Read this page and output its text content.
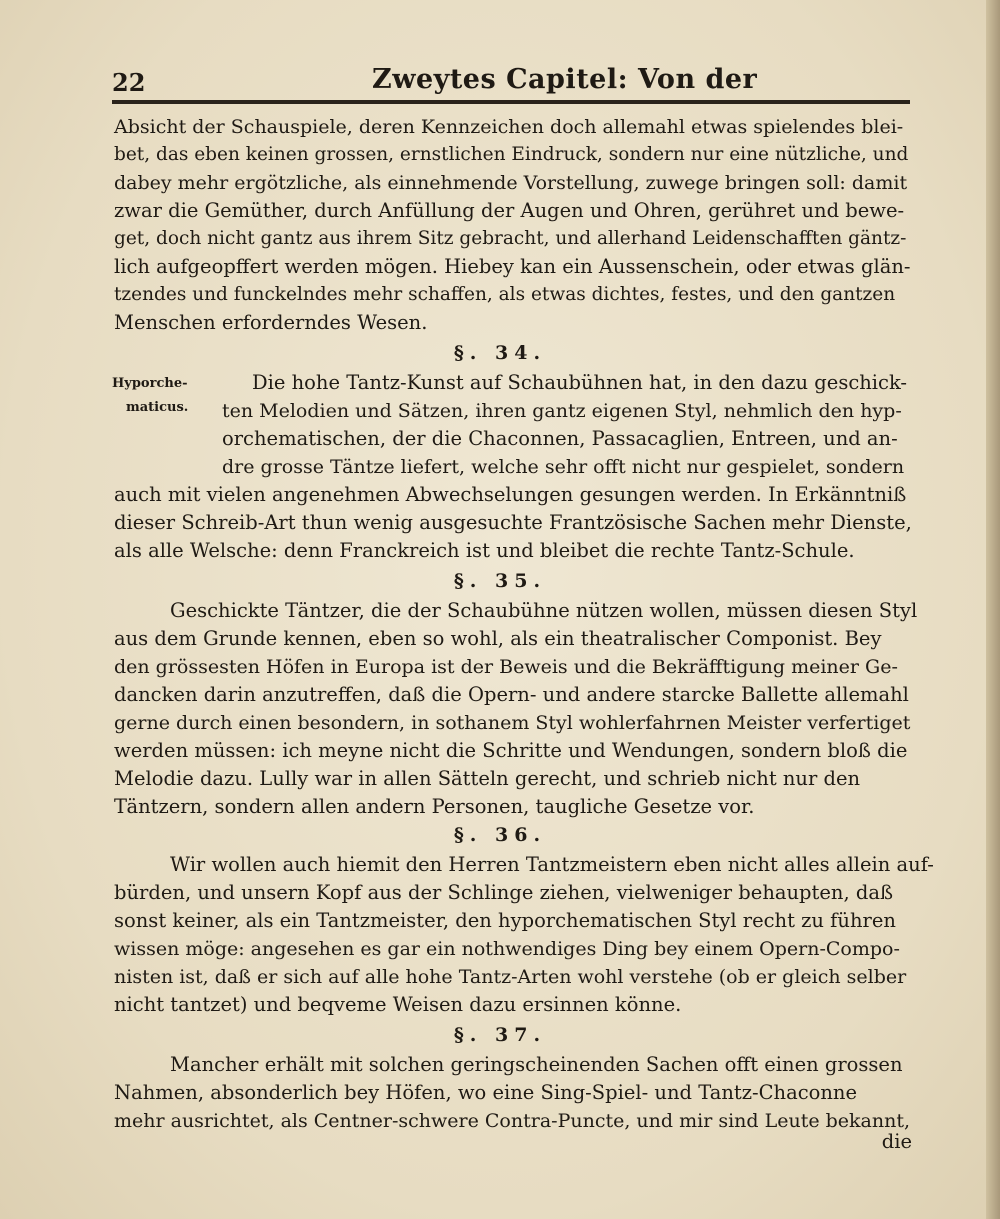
22	Zweytes Capitel: Von der
Absicht der Schauspiele, deren Kennzeichen doch allemahl etwas spielendes blei-
bet, das eben keinen grossen, ernstlichen Eindruck, sondern nur eine nützliche, und
dabey mehr ergötzliche, als einnehmende Vorstellung, zuwege bringen soll: damit
zwar die Gemüther, durch Anfüllung der Augen und Ohren, gerühret und bewe-
get, doch nicht gantz aus ihrem Sitz gebracht, und allerhand Leidenschafften gäntz-
lich aufgeopffert werden mögen. Hiebey kan ein Aussenschein, oder etwas glän-
tzendes und funckelndes mehr schaffen, als etwas dichtes, festes, und den gantzen
Menschen erforderndes Wesen.
§. 34.
Hyporche-
maticus.
Die hohe Tantz-Kunst auf Schaubühnen hat, in den dazu geschick-
ten Melodien und Sätzen, ihren gantz eigenen Styl, nehmlich den hyp-
orchematischen, der die Chaconnen, Passacaglien, Entreen, und an-
dre grosse Täntze liefert, welche sehr offt nicht nur gespielet, sondern
auch mit vielen angenehmen Abwechselungen gesungen werden. In Erkänntniß
dieser Schreib-Art thun wenig ausgesuchte Frantzösische Sachen mehr Dienste,
als alle Welsche: denn Franckreich ist und bleibet die rechte Tantz-Schule.
§. 35.
Geschickte Täntzer, die der Schaubühne nützen wollen, müssen diesen Styl
aus dem Grunde kennen, eben so wohl, als ein theatralischer Componist. Bey
den grössesten Höfen in Europa ist der Beweis und die Bekräfftigung meiner Ge-
dancken darin anzutreffen, daß die Opern- und andere starcke Ballette allemahl
gerne durch einen besondern, in sothanem Styl wohlerfahrnen Meister verfertiget
werden müssen: ich meyne nicht die Schritte und Wendungen, sondern bloß die
Melodie dazu. Lully war in allen Sätteln gerecht, und schrieb nicht nur den
Täntzern, sondern allen andern Personen, taugliche Gesetze vor.
§. 36.
Wir wollen auch hiemit den Herren Tantzmeistern eben nicht alles allein auf-
bürden, und unsern Kopf aus der Schlinge ziehen, vielweniger behaupten, daß
sonst keiner, als ein Tantzmeister, den hyporchematischen Styl recht zu führen
wissen möge: angesehen es gar ein nothwendiges Ding bey einem Opern-Compo-
nisten ist, daß er sich auf alle hohe Tantz-Arten wohl verstehe (ob er gleich selber
nicht tantzet) und beqveme Weisen dazu ersinnen könne.
§. 37.
Mancher erhält mit solchen geringscheinenden Sachen offt einen grossen
Nahmen, absonderlich bey Höfen, wo eine Sing-Spiel- und Tantz-Chaconne
mehr ausrichtet, als Centner-schwere Contra-Puncte, und mir sind Leute bekannt,
die
